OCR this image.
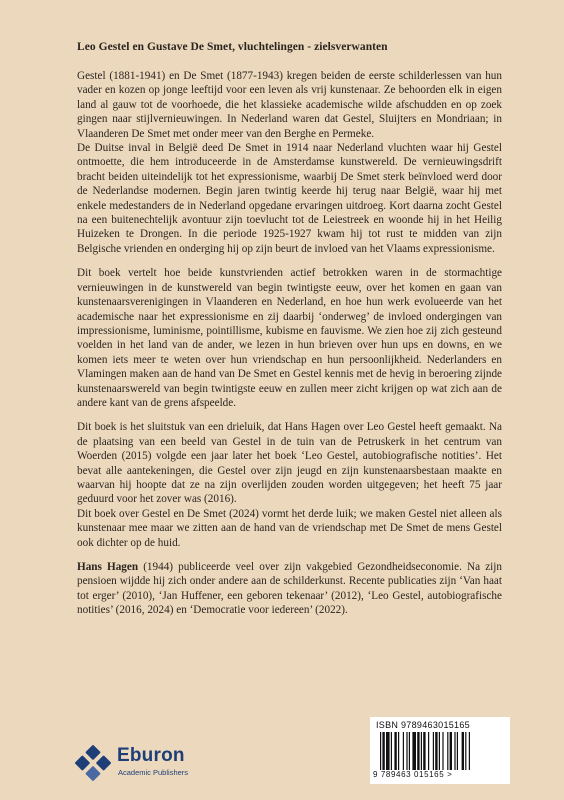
Leo Gestel en Gustave De Smet, vluchtelingen - zielsverwanten

Gestel (1881-1941) en De Smet (1877-1943) kregen beiden de eerste schilderlessen van hun vader en kozen op jonge leeftijd voor een leven als vrij kunstenaar. Ze behoorden elk in eigen land al gauw tot de voorhoede, die het klassieke academische wilde afschudden en op zoek gingen naar stijlvernieuwingen. In Nederland waren dat Gestel, Sluijters en Mondriaan; in Vlaanderen De Smet met onder meer van den Berghe en Permeke.

De Duitse inval in België deed De Smet in 1914 naar Nederland vluchten waar hij Gestel ontmoette, die hem introduceerde in de Amsterdamse kunstwereld. De vernieuwingsdrift bracht beiden uiteindelijk tot het expressionisme, waarbij De Smet sterk beïnvloed werd door de Nederlandse modernen. Begin jaren twintig keerde hij terug naar België, waar hij met enkele medestanders de in Nederland opgedane ervaringen uitdroeg. Kort daarna zocht Gestel na een buitenechtelijk avontuur zijn toevlucht tot de Leiestreek en woonde hij in het Heilig Huizeken te Drongen. In die periode 1925-1927 kwam hij tot rust te midden van zijn Belgische vrienden en onderging hij op zijn beurt de invloed van het Vlaams expressionisme.

Dit boek vertelt hoe beide kunstvrienden actief betrokken waren in de stormachtige vernieuwingen in de kunstwereld van begin twintigste eeuw, over het komen en gaan van kunstenaarsverenigingen in Vlaanderen en Nederland, en hoe hun werk evolueerde van het academische naar het expressionisme en zij daarbij ‘onderweg’ de invloed ondergingen van impressionisme, luminisme, pointillisme, kubisme en fauvisme. We zien hoe zij zich gesteund voelden in het land van de ander, we lezen in hun brieven over hun ups en downs, en we komen iets meer te weten over hun vriendschap en hun persoonlijkheid. Nederlanders en Vlamingen maken aan de hand van De Smet en Gestel kennis met de hevig in beroering zijnde kunstenaarswereld van begin twintigste eeuw en zullen meer zicht krijgen op wat zich aan de andere kant van de grens afspeelde.

Dit boek is het sluitstuk van een drieluik, dat Hans Hagen over Leo Gestel heeft gemaakt. Na de plaatsing van een beeld van Gestel in de tuin van de Petruskerk in het centrum van Woerden (2015) volgde een jaar later het boek ‘Leo Gestel, autobiografische notities’. Het bevat alle aantekeningen, die Gestel over zijn jeugd en zijn kunstenaarsbestaan maakte en waarvan hij hoopte dat ze na zijn overlijden zouden worden uitgegeven; het heeft 75 jaar geduurd voor het zover was (2016).

Dit boek over Gestel en De Smet (2024) vormt het derde luik; we maken Gestel niet alleen als kunstenaar mee maar we zitten aan de hand van de vriendschap met De Smet de mens Gestel ook dichter op de huid.

Hans Hagen (1944) publiceerde veel over zijn vakgebied Gezondheidseconomie. Na zijn pensioen wijdde hij zich onder andere aan de schilderkunst. Recente publicaties zijn ‘Van haat tot erger’ (2010), ‘Jan Huffener, een geboren tekenaar’ (2012), ‘Leo Gestel, autobiografische notities’ (2016, 2024) en ‘Democratie voor iedereen’ (2022).

Eburon
Academic Publishers
ISBN 9789463015165
9 789463 015165 >
